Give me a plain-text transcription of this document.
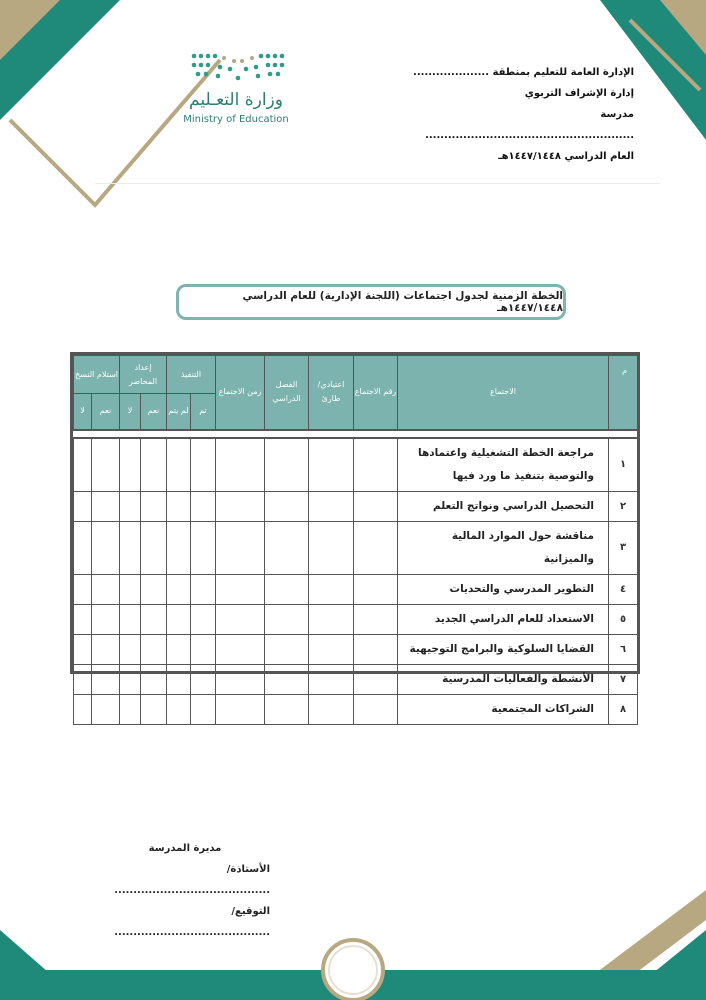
وزارة التعـليم
Ministry of Education
الإدارة العامة للتعليم بمنطقة ....................
إدارة الإشراف التربوي
مدرسة .......................................................
العام الدراسي ١٤٤٧/١٤٤٨هـ
الخطة الزمنية لجدول اجتماعات (اللجنة الإدارية) للعام الدراسي ١٤٤٧/١٤٤٨هـ
م	الاجتماع	رقم الاجتماع	اعتيادي/ طارئ	الفصل الدراسي	زمن الاجتماع	التنفيذ		إعداد المحاضر		استلام النسخ	
						تم	لم يتم	نعم	لا	نعم	لا

١	مراجعة الخطة التشغيلية واعتمادها والتوصية بتنفيذ ما ورد فيها										
٢	التحصيل الدراسي ونواتج التعلم										
٣	مناقشة حول الموارد المالية والميزانية										
٤	التطوير المدرسي والتحديات										
٥	الاستعداد للعام الدراسي الجديد										
٦	القضايا السلوكية والبرامج التوجيهية										
٧	الأنشطة والفعاليات المدرسية										
٨	الشراكات المجتمعية										
مديرة المدرسة
الأستاذة/ .........................................
التوقيع/ .........................................
